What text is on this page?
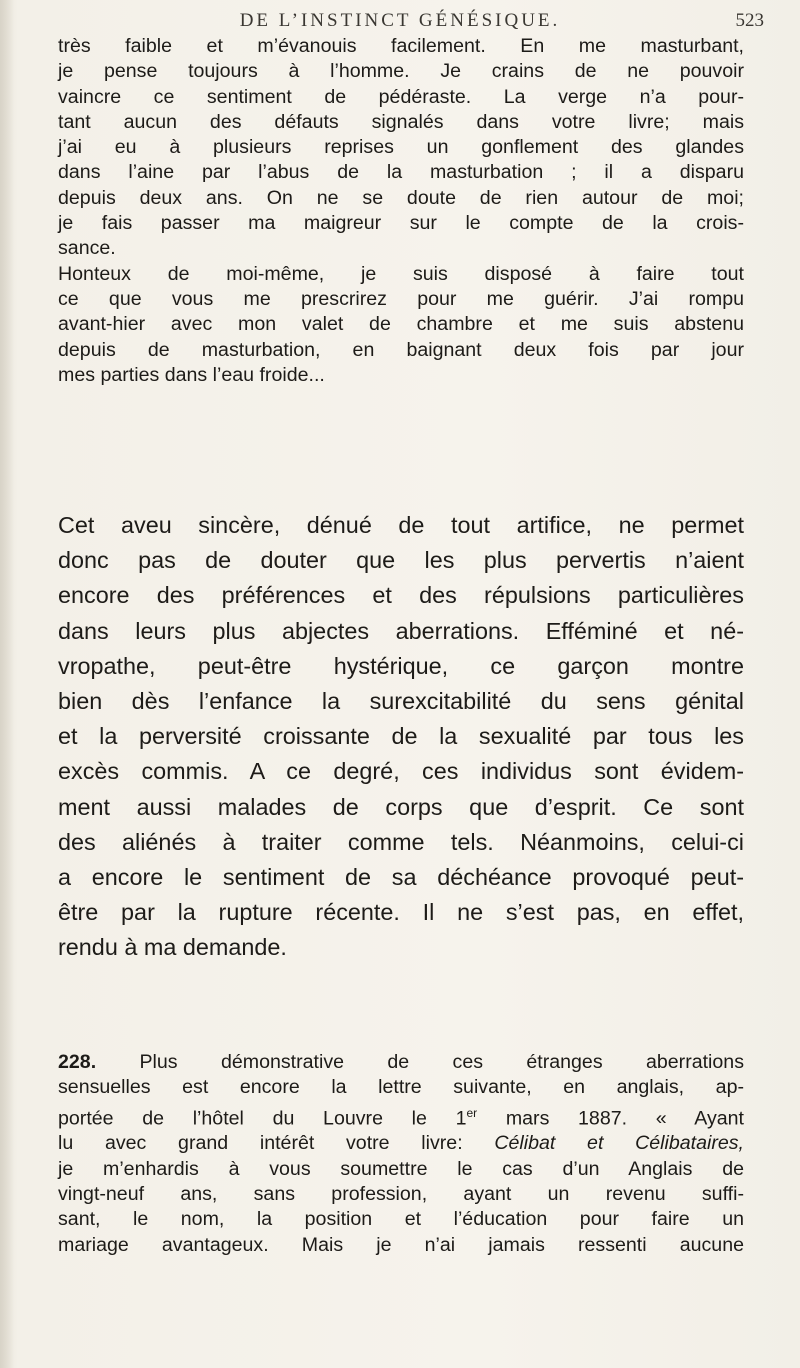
DE L’INSTINCT GÉNÉSIQUE.	523
très faible et m’évanouis facilement. En me masturbant,
je pense toujours à l’homme. Je crains de ne pouvoir
vaincre ce sentiment de pédéraste. La verge n’a pour-
tant aucun des défauts signalés dans votre livre; mais
j’ai eu à plusieurs reprises un gonflement des glandes
dans l’aine par l’abus de la masturbation ; il a disparu
depuis deux ans. On ne se doute de rien autour de moi;
je fais passer ma maigreur sur le compte de la crois-
sance.
Honteux de moi-même, je suis disposé à faire tout
ce que vous me prescrirez pour me guérir. J’ai rompu
avant-hier avec mon valet de chambre et me suis abstenu
depuis de masturbation, en baignant deux fois par jour
mes parties dans l’eau froide...
Cet aveu sincère, dénué de tout artifice, ne permet
donc pas de douter que les plus pervertis n’aient
encore des préférences et des répulsions particulières
dans leurs plus abjectes aberrations. Efféminé et né-
vropathe, peut-être hystérique, ce garçon montre
bien dès l’enfance la surexcitabilité du sens génital
et la perversité croissante de la sexualité par tous les
excès commis. A ce degré, ces individus sont évidem-
ment aussi malades de corps que d’esprit. Ce sont
des aliénés à traiter comme tels. Néanmoins, celui-ci
a encore le sentiment de sa déchéance provoqué peut-
être par la rupture récente. Il ne s’est pas, en effet,
rendu à ma demande.
228. Plus démonstrative de ces étranges aberrations
sensuelles est encore la lettre suivante, en anglais, ap-
portée de l’hôtel du Louvre le 1er mars 1887. « Ayant
lu avec grand intérêt votre livre: Célibat et Célibataires,
je m’enhardis à vous soumettre le cas d’un Anglais de
vingt-neuf ans, sans profession, ayant un revenu suffi-
sant, le nom, la position et l’éducation pour faire un
mariage avantageux. Mais je n’ai jamais ressenti aucune
